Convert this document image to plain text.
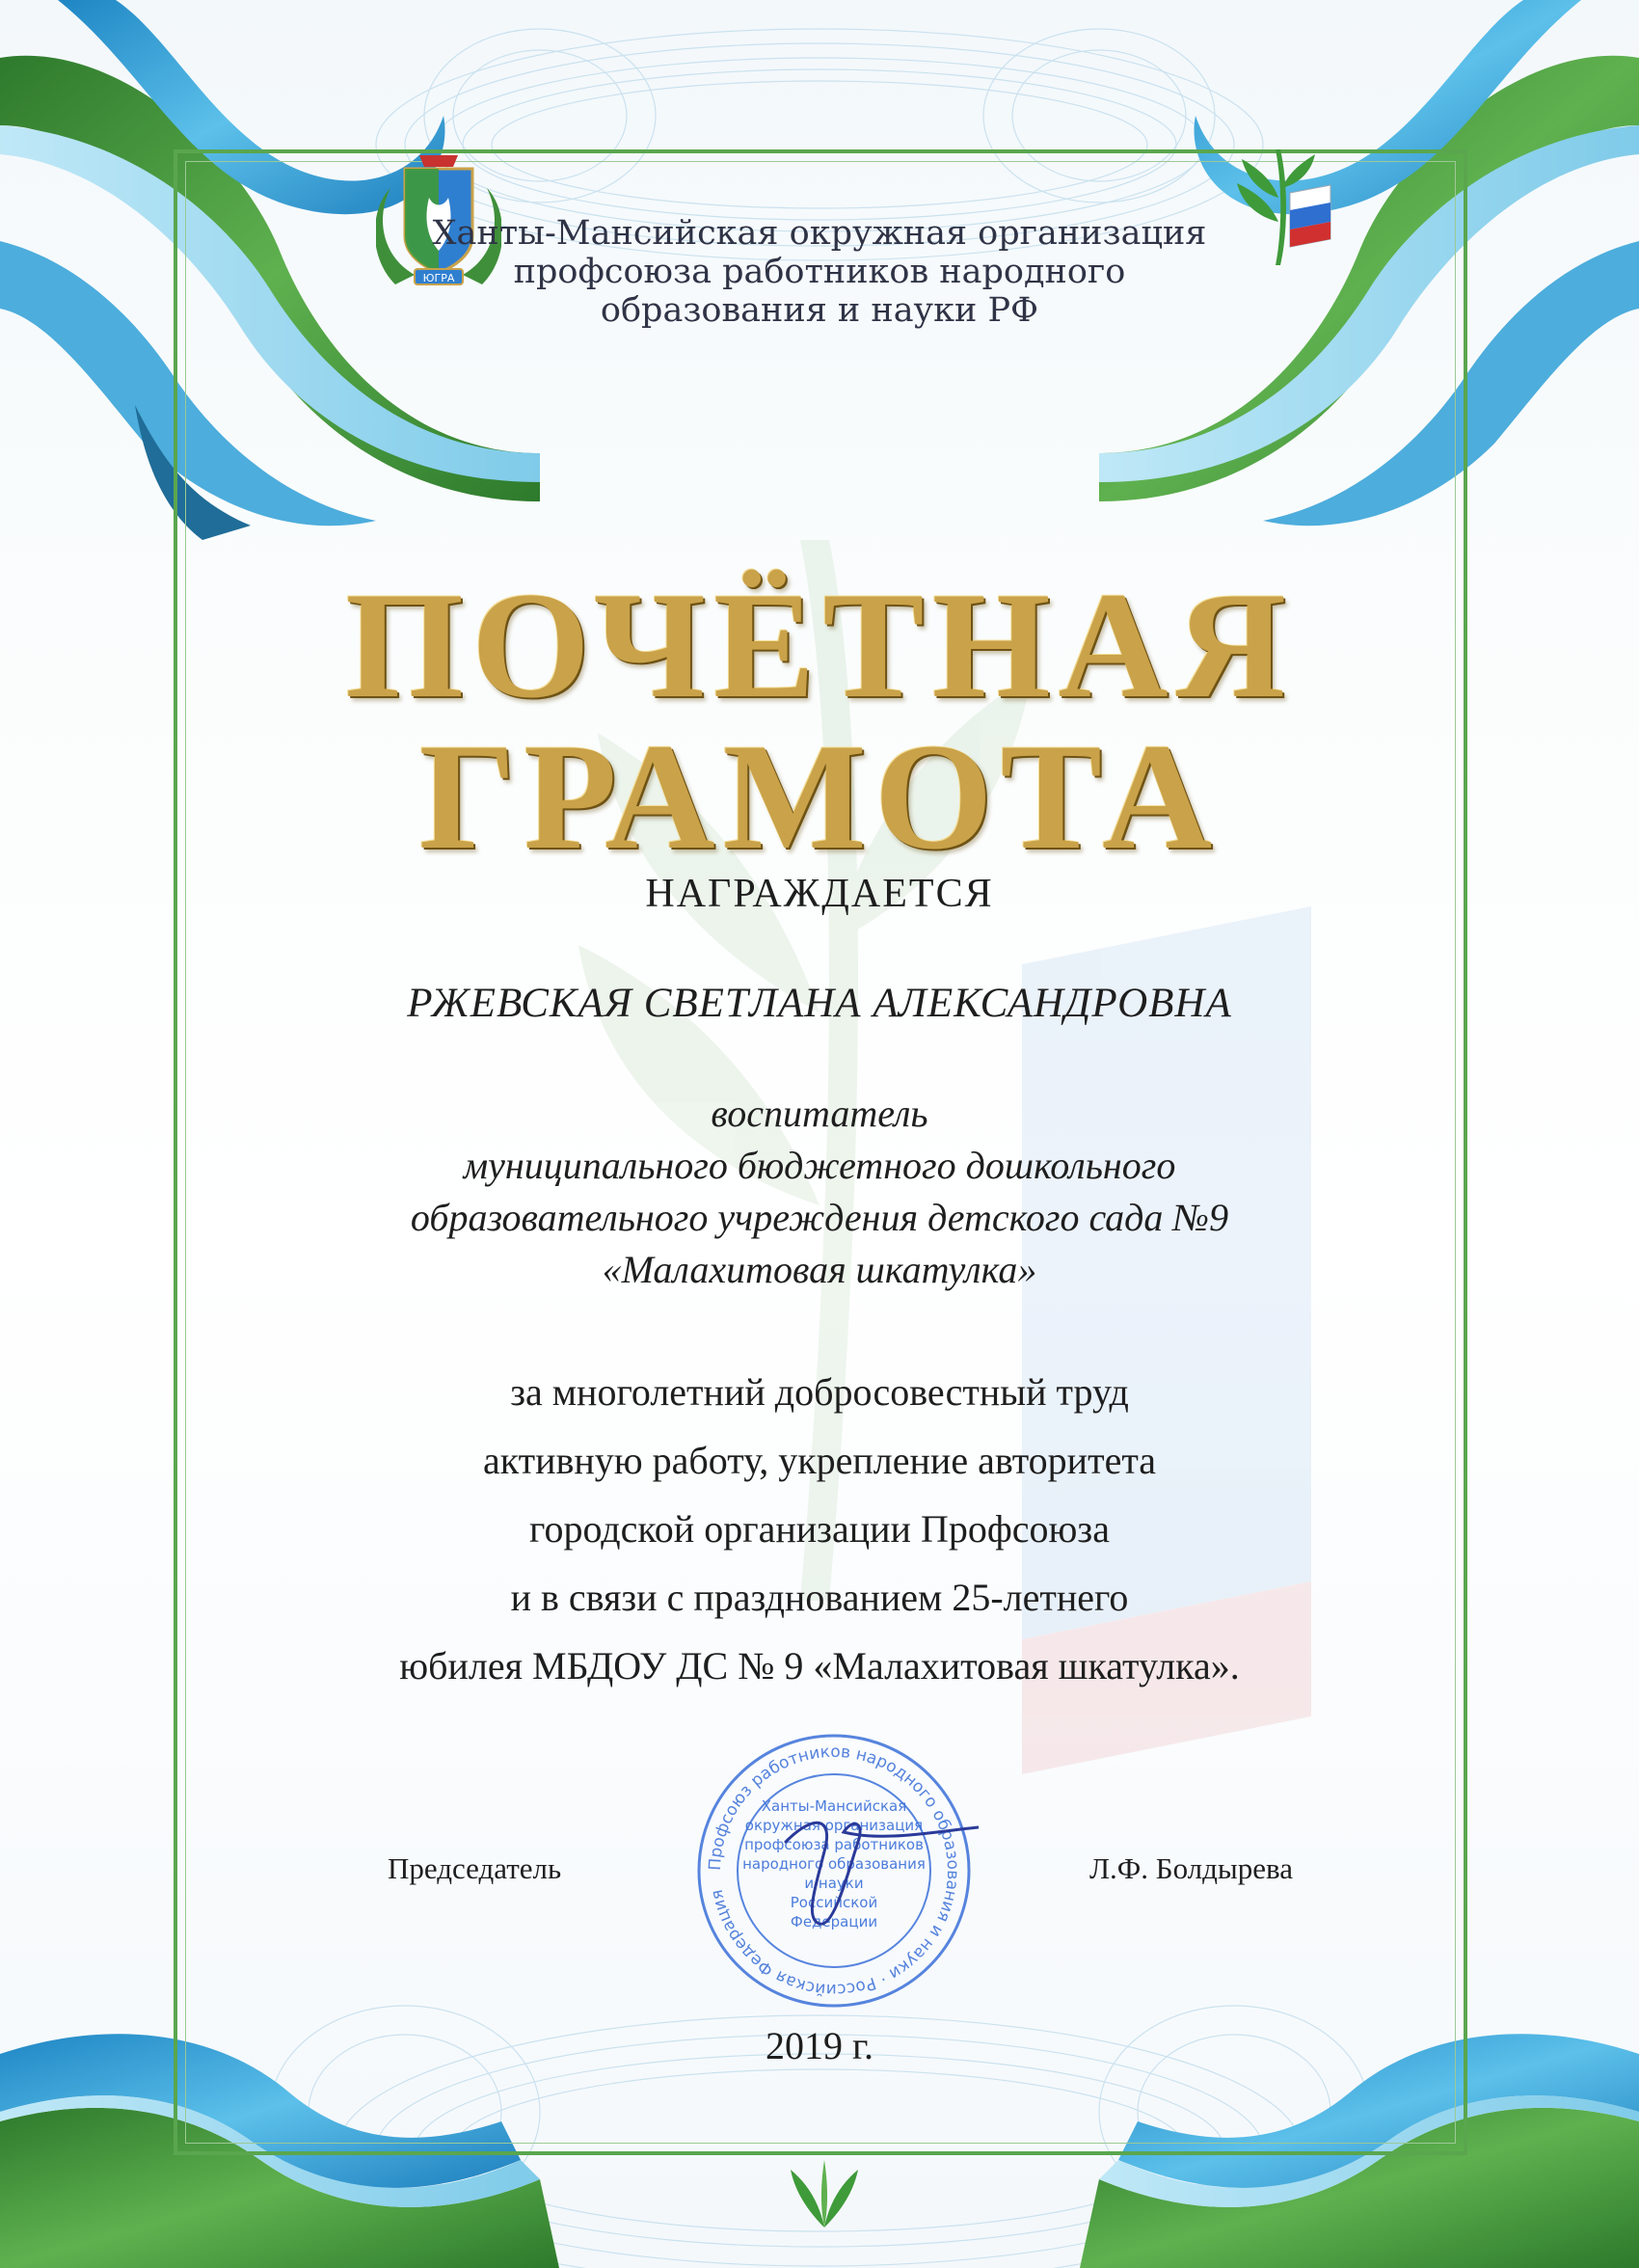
ЮГРА
Ханты-Мансийская окружная организация
профсоюза работников народного
образования и науки РФ
ПОЧЁТНАЯ
ГРАМОТА
НАГРАЖДАЕТСЯ
РЖЕВСКАЯ СВЕТЛАНА АЛЕКСАНДРОВНА
воспитатель
муниципального бюджетного дошкольного
образовательного учреждения детского сада №9
«Малахитовая шкатулка»
за многолетний добросовестный труд
активную работу, укрепление авторитета
городской организации Профсоюза
и в связи с празднованием 25-летнего
юбилея МБДОУ ДС № 9 «Малахитовая шкатулка».
Профсоюз работников народного образования и науки · Российская Федерация
Ханты-Мансийская
окружная организация
профсоюза работников
народного образования
и науки
Российской
Федерации
Председатель	Л.Ф. Болдырева
2019 г.
